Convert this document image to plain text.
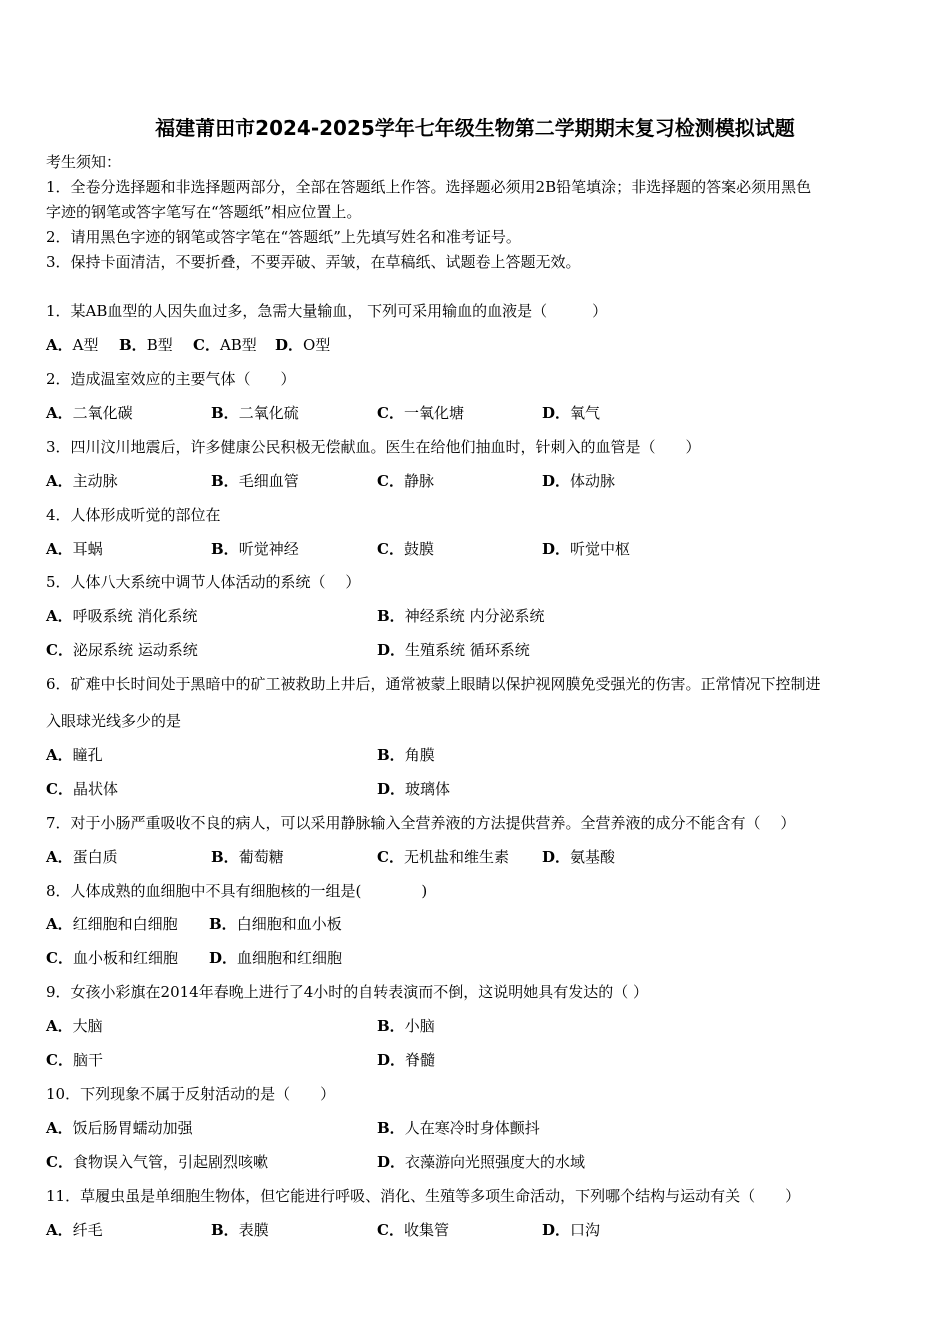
福建莆田市2024-2025学年七年级生物第二学期期末复习检测模拟试题
考生须知：
1．全卷分选择题和非选择题两部分，全部在答题纸上作答。选择题必须用2B铅笔填涂；非选择题的答案必须用黑色
字迹的钢笔或答字笔写在“答题纸”相应位置上。
2．请用黑色字迹的钢笔或答字笔在“答题纸”上先填写姓名和准考证号。
3．保持卡面清洁，不要折叠，不要弄破、弄皱，在草稿纸、试题卷上答题无效。
1．某AB血型的人因失血过多，急需大量输血， 下列可采用输血的血液是（　　　）
A．A型 B．B型 C．AB型 D．O型
2．造成温室效应的主要气体（　　）
A．二氧化碳	B．二氧化硫	C．一氧化塘	D．氧气
3．四川汶川地震后，许多健康公民积极无偿献血。医生在给他们抽血时，针刺入的血管是（　　）
A．主动脉	B．毛细血管	C．静脉	D．体动脉
4．人体形成听觉的部位在
A．耳蜗	B．听觉神经	C．鼓膜	D．听觉中枢
5．人体八大系统中调节人体活动的系统（　 ）
A．呼吸系统 消化系统	B．神经系统 内分泌系统
C．泌尿系统 运动系统	D．生殖系统 循环系统
6．矿难中长时间处于黑暗中的矿工被救助上井后，通常被蒙上眼睛以保护视网膜免受强光的伤害。正常情况下控制进
入眼球光线多少的是
A．瞳孔	B．角膜
C．晶状体	D．玻璃体
7．对于小肠严重吸收不良的病人，可以采用静脉输入全营养液的方法提供营养。全营养液的成分不能含有（　 ）
A．蛋白质	B．葡萄糖	C．无机盐和维生素 D．氨基酸
8．人体成熟的血细胞中不具有细胞核的一组是(　　　　)
A．红细胞和白细胞 B．白细胞和血小板
C．血小板和红细胞 D．血细胞和红细胞
9．女孩小彩旗在2014年春晚上进行了4小时的自转表演而不倒，这说明她具有发达的（ ）
A．大脑	B．小脑
C．脑干	D．脊髓
10．下列现象不属于反射活动的是（　　）
A．饭后肠胃蠕动加强	B．人在寒冷时身体颤抖
C．食物误入气管，引起剧烈咳嗽	D．衣藻游向光照强度大的水域
11．草履虫虽是单细胞生物体，但它能进行呼吸、消化、生殖等多项生命活动，下列哪个结构与运动有关（　　）
A．纤毛	B．表膜	C．收集管	D．口沟
